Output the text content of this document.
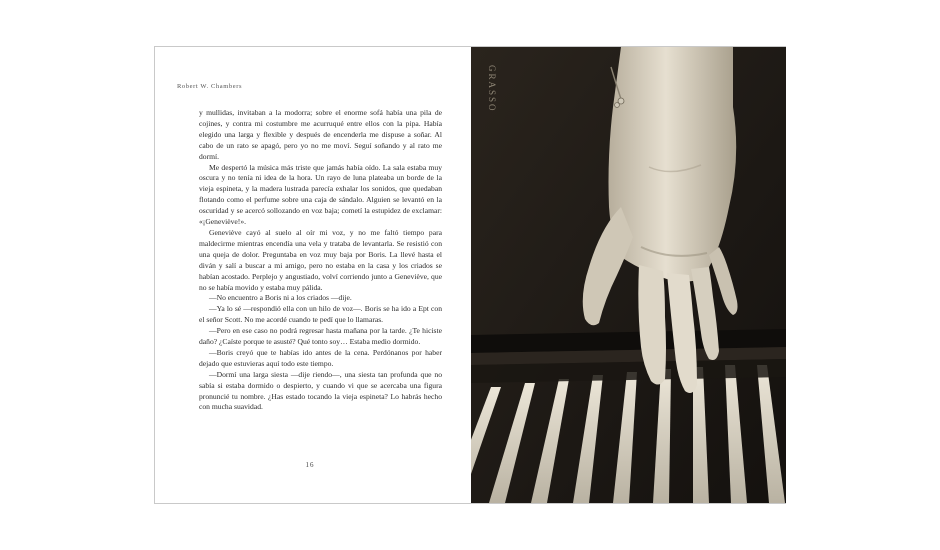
Robert W. Chambers

y mullidas, invitaban a la modorra; sobre el enorme sofá había una pila de cojines, y contra mi costumbre me acurruqué entre ellos con la pipa. Había elegido una larga y flexible y después de encenderla me dispuse a soñar. Al cabo de un rato se apagó, pero yo no me moví. Seguí soñando y al rato me dormí.

Me despertó la música más triste que jamás había oído. La sala estaba muy oscura y no tenía ni idea de la hora. Un rayo de luna plateaba un borde de la vieja espineta, y la madera lustrada parecía exhalar los sonidos, que quedaban flotando como el perfume sobre una caja de sándalo. Alguien se levantó en la oscuridad y se acercó sollozando en voz baja; cometí la estupidez de exclamar: «¡Geneviève!».

Geneviève cayó al suelo al oír mi voz, y no me faltó tiempo para maldecirme mientras encendía una vela y trataba de levantarla. Se resistió con una queja de dolor. Preguntaba en voz muy baja por Boris. La llevé hasta el diván y salí a buscar a mi amigo, pero no estaba en la casa y los criados se habían acostado. Perplejo y angustiado, volví corriendo junto a Geneviève, que no se había movido y estaba muy pálida.

—No encuentro a Boris ni a los criados —dije.

—Ya lo sé —respondió ella con un hilo de voz—. Boris se ha ido a Ept con el señor Scott. No me acordé cuando te pedí que lo llamaras.

—Pero en ese caso no podrá regresar hasta mañana por la tarde. ¿Te hiciste daño? ¿Caíste porque te asusté? Qué tonto soy… Estaba medio dormido.

—Boris creyó que te habías ido antes de la cena. Perdónanos por haber dejado que estuvieras aquí todo este tiempo.

—Dormí una larga siesta —dije riendo—, una siesta tan profunda que no sabía si estaba dormido o despierto, y cuando vi que se acercaba una figura pronuncié tu nombre. ¿Has estado tocando la vieja espineta? Lo habrás hecho con mucha suavidad.

16
GRASSO
